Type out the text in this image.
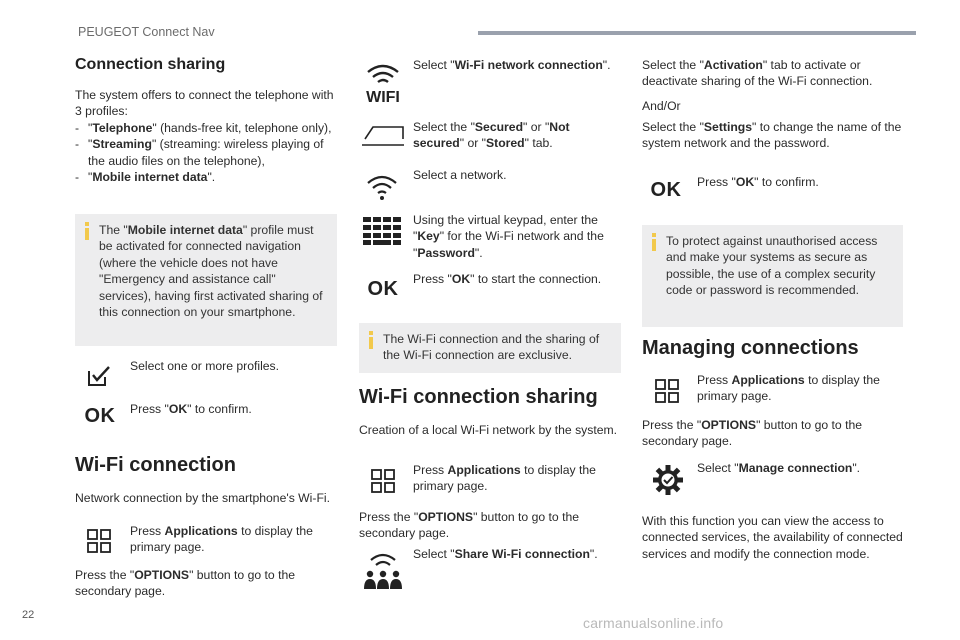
PEUGEOT Connect Nav
Connection sharing
The system offers to connect the telephone with 3 profiles:
- "Telephone" (hands-free kit, telephone only),
- "Streaming" (streaming: wireless playing of the audio files on the telephone),
- "Mobile internet data".
The "Mobile internet data" profile must be activated for connected navigation (where the vehicle does not have "Emergency and assistance call" services), having first activated sharing of this connection on your smartphone.
Select one or more profiles.
OK Press "OK" to confirm.
Wi-Fi connection
Network connection by the smartphone's Wi-Fi.
Press Applications to display the primary page.
Press the "OPTIONS" button to go to the secondary page.
WIFI
Select "Wi-Fi network connection".
Select the "Secured" or "Not secured" or "Stored" tab.
Select a network.
Using the virtual keypad, enter the "Key" for the Wi-Fi network and the "Password".
OK Press "OK" to start the connection.
The Wi-Fi connection and the sharing of the Wi-Fi connection are exclusive.
Wi-Fi connection sharing
Creation of a local Wi-Fi network by the system.
Press Applications to display the primary page.
Press the "OPTIONS" button to go to the secondary page.
Select "Share Wi-Fi connection".
Select the "Activation" tab to activate or deactivate sharing of the Wi-Fi connection.
And/Or
Select the "Settings" to change the name of the system network and the password.
OK Press "OK" to confirm.
To protect against unauthorised access and make your systems as secure as possible, the use of a complex security code or password is recommended.
Managing connections
Press Applications to display the primary page.
Press the "OPTIONS" button to go to the secondary page.
Select "Manage connection".
With this function you can view the access to connected services, the availability of connected services and modify the connection mode.
22	carmanualsonline.info
